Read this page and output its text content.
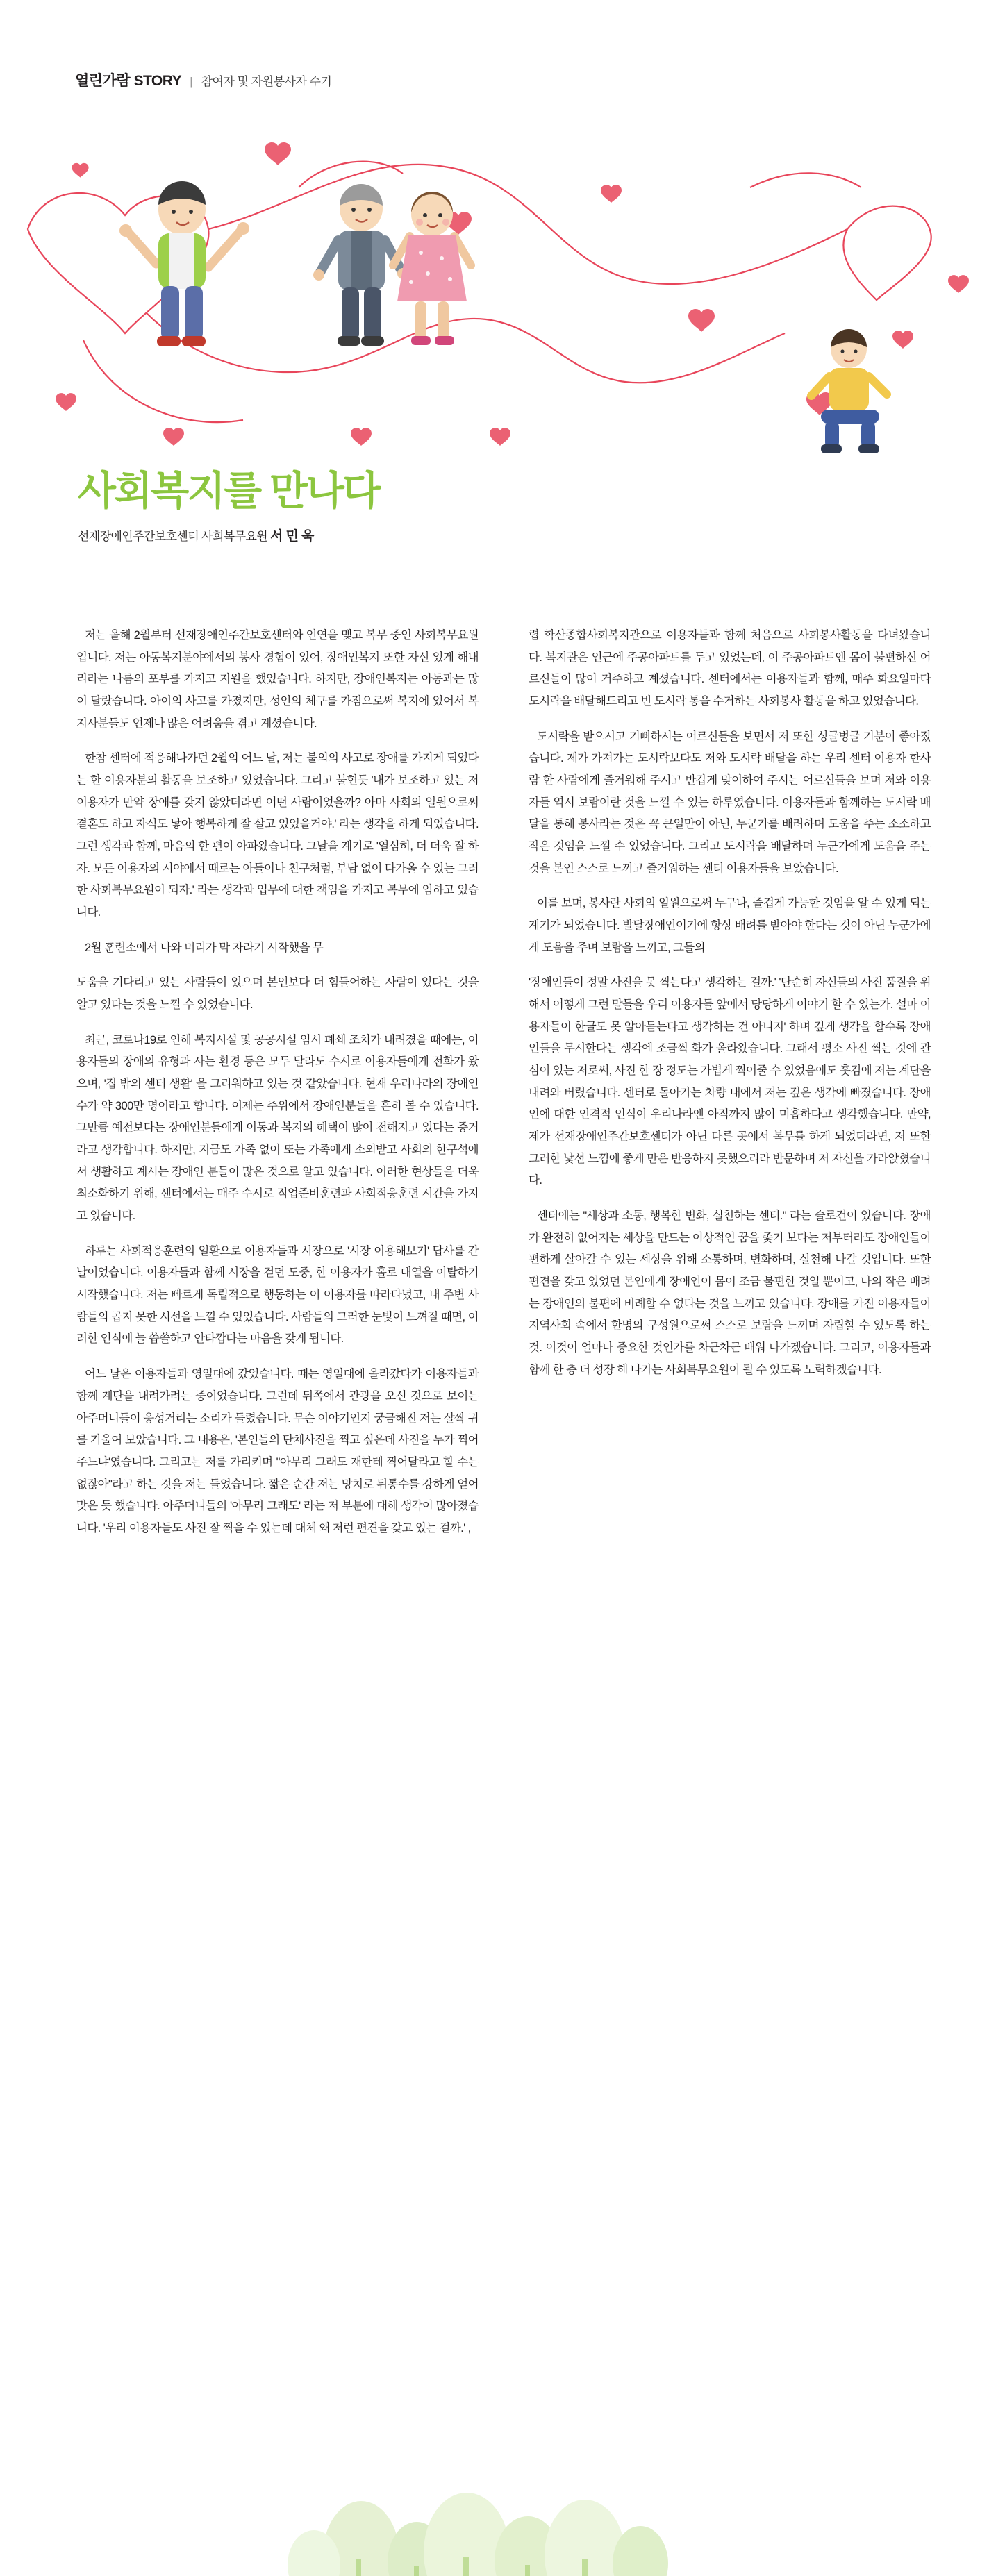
열린가람 STORY | 참여자 및 자원봉사자 수기
사회복지를 만나다
선재장애인주간보호센터 사회복무요원 서 민 욱

저는 올해 2월부터 선재장애인주간보호센터와 인연을 맺고 복무 중인 사회복무요원입니다. 저는 아동복지분야에서의 봉사 경험이 있어, 장애인복지 또한 자신 있게 해내리라는 나름의 포부를 가지고 지원을 했었습니다. 하지만, 장애인복지는 아동과는 많이 달랐습니다. 아이의 사고를 가졌지만, 성인의 체구를 가짐으로써 복지에 있어서 복지사분들도 언제나 많은 어려움을 겪고 계셨습니다.

한참 센터에 적응해나가던 2월의 어느 날, 저는 불의의 사고로 장애를 가지게 되었다는 한 이용자분의 활동을 보조하고 있었습니다. 그리고 불현듯 '내가 보조하고 있는 저 이용자가 만약 장애를 갖지 않았더라면 어떤 사람이었을까? 아마 사회의 일원으로써 결혼도 하고 자식도 낳아 행복하게 잘 살고 있었을거야.' 라는 생각을 하게 되었습니다. 그런 생각과 함께, 마음의 한 편이 아파왔습니다. 그날을 계기로 '열심히, 더 더욱 잘 하자. 모든 이용자의 시야에서 때로는 아들이나 친구처럼, 부담 없이 다가올 수 있는 그러한 사회복무요원이 되자.' 라는 생각과 업무에 대한 책임을 가지고 복무에 임하고 있습니다.

2월 훈련소에서 나와 머리가 막 자라기 시작했을 무

도움을 기다리고 있는 사람들이 있으며 본인보다 더 힘들어하는 사람이 있다는 것을 알고 있다는 것을 느낄 수 있었습니다.

최근, 코로나19로 인해 복지시설 및 공공시설 임시 폐쇄 조치가 내려졌을 때에는, 이용자들의 장애의 유형과 사는 환경 등은 모두 달라도 수시로 이용자들에게 전화가 왔으며, '집 밖의 센터 생활' 을 그리워하고 있는 것 같았습니다. 현재 우리나라의 장애인 수가 약 300만 명이라고 합니다. 이제는 주위에서 장애인분들을 흔히 볼 수 있습니다. 그만큼 예전보다는 장애인분들에게 이동과 복지의 혜택이 많이 전해지고 있다는 증거라고 생각합니다. 하지만, 지금도 가족 없이 또는 가족에게 소외받고 사회의 한구석에서 생활하고 계시는 장애인 분들이 많은 것으로 알고 있습니다. 이러한 현상들을 더욱 최소화하기 위해, 센터에서는 매주 수시로 직업준비훈련과 사회적응훈련 시간을 가지고 있습니다.

하루는 사회적응훈련의 일환으로 이용자들과 시장으로 '시장 이용해보기' 답사를 간 날이었습니다. 이용자들과 함께 시장을 걷던 도중, 한 이용자가 홀로 대열을 이탈하기 시작했습니다. 저는 빠르게 독립적으로 행동하는 이 이용자를 따라다녔고, 내 주변 사람들의 곱지 못한 시선을 느낄 수 있었습니다. 사람들의 그러한 눈빛이 느껴질 때면, 이러한 인식에 늘 씁쓸하고 안타깝다는 마음을 갖게 됩니다.

어느 날은 이용자들과 영일대에 갔었습니다. 때는 영일대에 올라갔다가 이용자들과 함께 계단을 내려가려는 중이었습니다. 그런데 뒤쪽에서 관광을 오신 것으로 보이는 아주머니들이 웅성거리는 소리가 들렸습니다. 무슨 이야기인지 궁금해진 저는 살짝 귀를 기울여 보았습니다. 그 내용은, '본인들의 단체사진을 찍고 싶은데 사진을 누가 찍어주느냐'였습니다. 그리고는 저를 가리키며 "아무리 그래도 재한테 찍어달라고 할 수는 없잖아"라고 하는 것을 저는 들었습니다. 짧은 순간 저는 망치로 뒤통수를 강하게 얻어맞은 듯 했습니다. 아주머니들의 '아무리 그래도' 라는 저 부분에 대해 생각이 많아졌습니다. '우리 이용자들도 사진 잘 찍을 수 있는데 대체 왜 저런 편견을 갖고 있는 걸까.' ,

렵 학산종합사회복지관으로 이용자들과 함께 처음으로 사회봉사활동을 다녀왔습니다. 복지관은 인근에 주공아파트를 두고 있었는데, 이 주공아파트엔 몸이 불편하신 어르신들이 많이 거주하고 계셨습니다. 센터에서는 이용자들과 함께, 매주 화요일마다 도시락을 배달해드리고 빈 도시락 통을 수거하는 사회봉사 활동을 하고 있었습니다.

도시락을 받으시고 기뻐하시는 어르신들을 보면서 저 또한 싱글벙글 기분이 좋아졌습니다. 제가 가져가는 도시락보다도 저와 도시락 배달을 하는 우리 센터 이용자 한사람 한 사람에게 즐거워해 주시고 반갑게 맞이하여 주시는 어르신들을 보며 저와 이용자들 역시 보람이란 것을 느낄 수 있는 하루였습니다. 이용자들과 함께하는 도시락 배달을 통해 봉사라는 것은 꼭 큰일만이 아닌, 누군가를 배려하며 도움을 주는 소소하고 작은 것임을 느낄 수 있었습니다. 그리고 도시락을 배달하며 누군가에게 도움을 주는 것을 본인 스스로 느끼고 즐거워하는 센터 이용자들을 보았습니다.

이를 보며, 봉사란 사회의 일원으로써 누구나, 즐겁게 가능한 것임을 알 수 있게 되는 계기가 되었습니다. 발달장애인이기에 항상 배려를 받아야 한다는 것이 아닌 누군가에게 도움을 주며 보람을 느끼고, 그들의

'장애인들이 정말 사진을 못 찍는다고 생각하는 걸까.' '단순히 자신들의 사진 품질을 위해서 어떻게 그런 말들을 우리 이용자들 앞에서 당당하게 이야기 할 수 있는가. 설마 이용자들이 한글도 못 알아듣는다고 생각하는 건 아니지' 하며 깊게 생각을 할수록 장애인들을 무시한다는 생각에 조금씩 화가 올라왔습니다. 그래서 평소 사진 찍는 것에 관심이 있는 저로써, 사진 한 장 정도는 가볍게 찍어줄 수 있었음에도 훗김에 저는 계단을 내려와 버렸습니다. 센터로 돌아가는 차량 내에서 저는 깊은 생각에 빠졌습니다. 장애인에 대한 인격적 인식이 우리나라엔 아직까지 많이 미흡하다고 생각했습니다. 만약, 제가 선재장애인주간보호센터가 아닌 다른 곳에서 복무를 하게 되었더라면, 저 또한 그러한 낯선 느낌에 좋게 만은 반응하지 못했으리라 반문하며 저 자신을 가라앉혔습니다.

센터에는 "세상과 소통, 행복한 변화, 실천하는 센터." 라는 슬로건이 있습니다. 장애가 완전히 없어지는 세상을 만드는 이상적인 꿈을 좇기 보다는 저부터라도 장애인들이 편하게 살아갈 수 있는 세상을 위해 소통하며, 변화하며, 실천해 나갈 것입니다. 또한 편견을 갖고 있었던 본인에게 장애인이 몸이 조금 불편한 것일 뿐이고, 나의 작은 배려는 장애인의 불편에 비례할 수 없다는 것을 느끼고 있습니다. 장애를 가진 이용자들이 지역사회 속에서 한명의 구성원으로써 스스로 보람을 느끼며 자립할 수 있도록 하는 것. 이것이 얼마나 중요한 것인가를 차근차근 배워 나가겠습니다. 그리고, 이용자들과 함께 한 층 더 성장 해 나가는 사회복무요원이 될 수 있도록 노력하겠습니다.
